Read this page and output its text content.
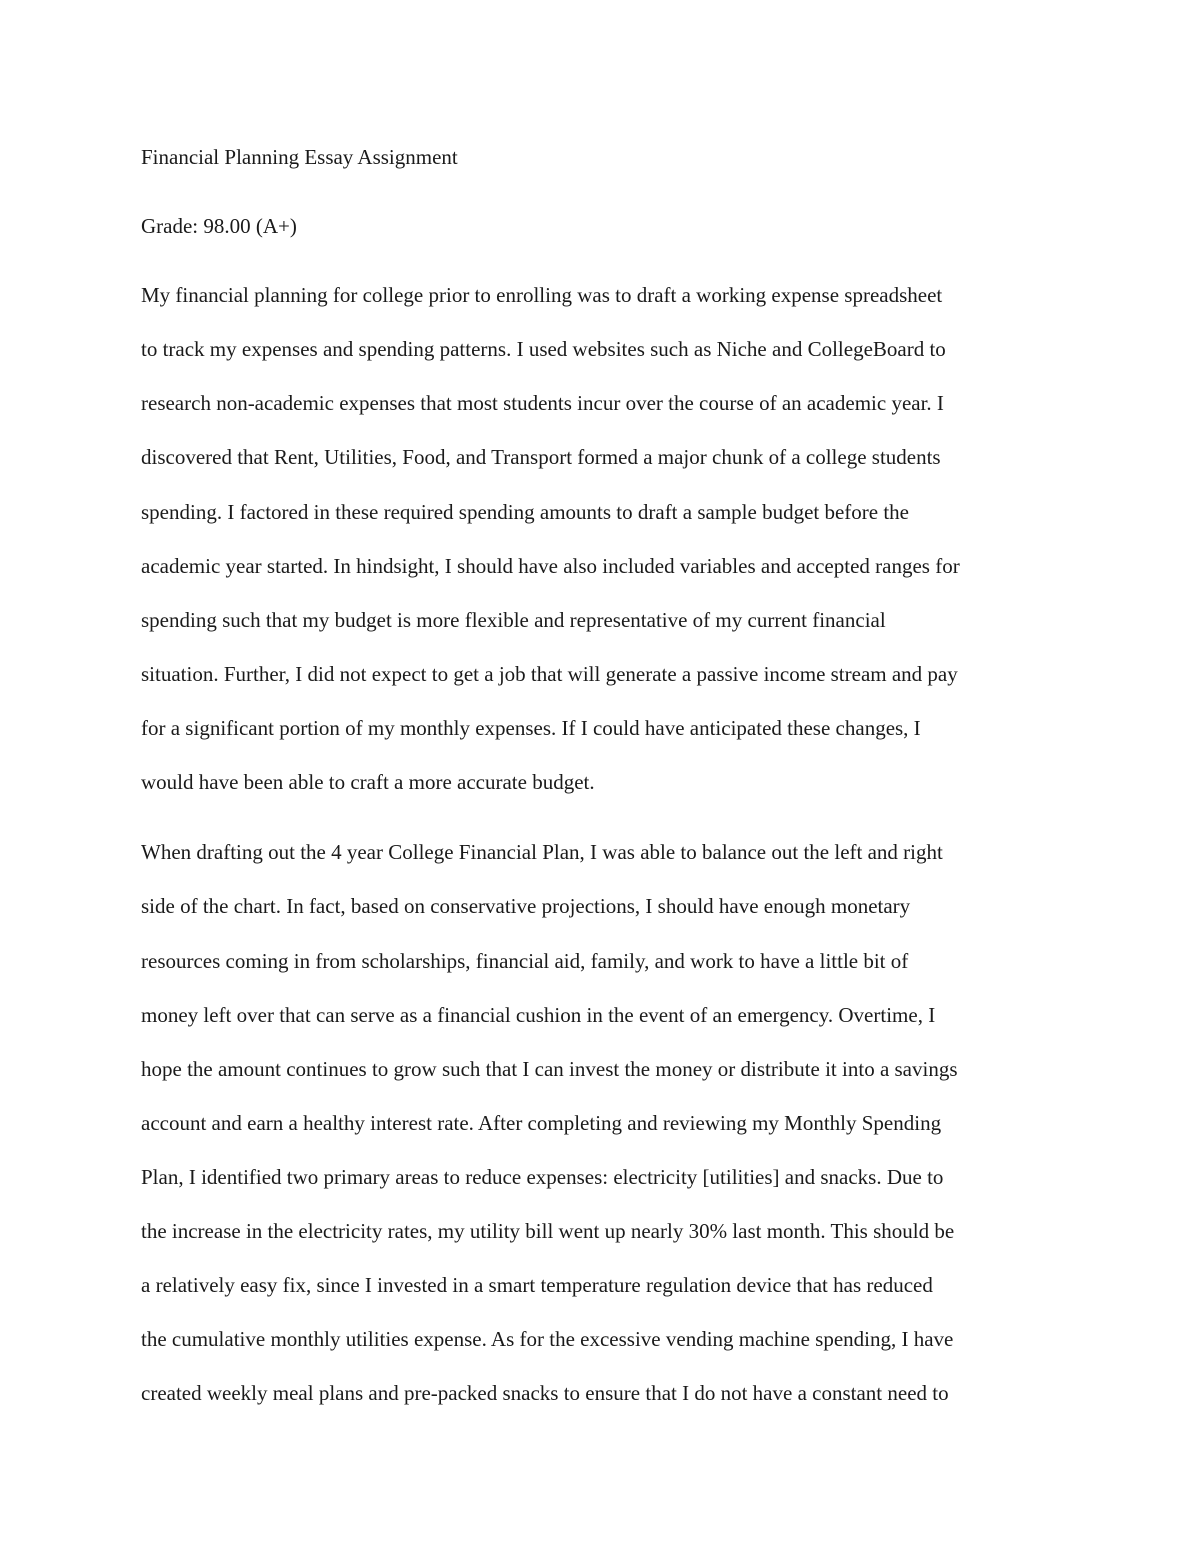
Financial Planning Essay Assignment
Grade: 98.00 (A+)
My financial planning for college prior to enrolling was to draft a working expense spreadsheet
to track my expenses and spending patterns. I used websites such as Niche and CollegeBoard to
research non-academic expenses that most students incur over the course of an academic year. I
discovered that Rent, Utilities, Food, and Transport formed a major chunk of a college students
spending. I factored in these required spending amounts to draft a sample budget before the
academic year started. In hindsight, I should have also included variables and accepted ranges for
spending such that my budget is more flexible and representative of my current financial
situation. Further, I did not expect to get a job that will generate a passive income stream and pay
for a significant portion of my monthly expenses. If I could have anticipated these changes, I
would have been able to craft a more accurate budget.
When drafting out the 4 year College Financial Plan, I was able to balance out the left and right
side of the chart. In fact, based on conservative projections, I should have enough monetary
resources coming in from scholarships, financial aid, family, and work to have a little bit of
money left over that can serve as a financial cushion in the event of an emergency. Overtime, I
hope the amount continues to grow such that I can invest the money or distribute it into a savings
account and earn a healthy interest rate. After completing and reviewing my Monthly Spending
Plan, I identified two primary areas to reduce expenses: electricity [utilities] and snacks. Due to
the increase in the electricity rates, my utility bill went up nearly 30% last month. This should be
a relatively easy fix, since I invested in a smart temperature regulation device that has reduced
the cumulative monthly utilities expense. As for the excessive vending machine spending, I have
created weekly meal plans and pre-packed snacks to ensure that I do not have a constant need to
